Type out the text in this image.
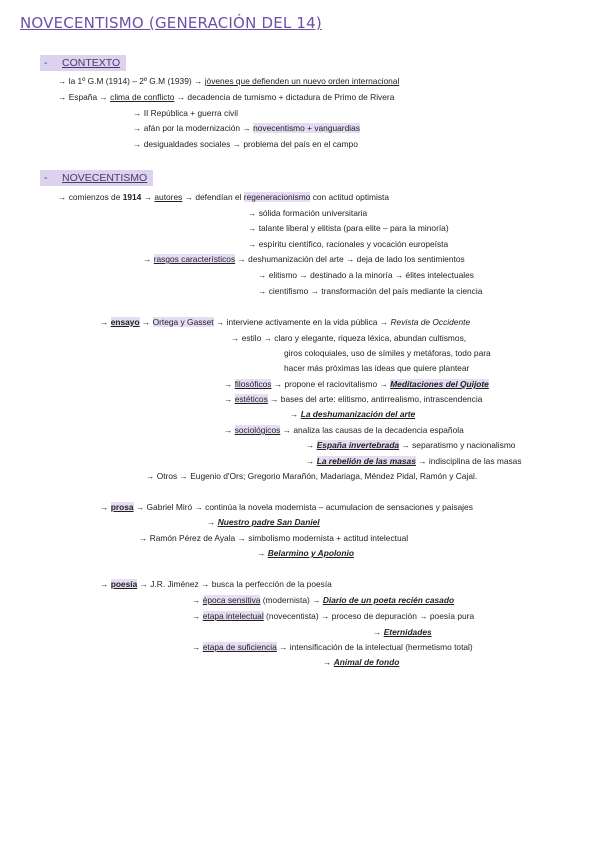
NOVECENTISMO (GENERACIÓN DEL 14)
- CONTEXTO
→ la 1º G.M (1914) – 2º G.M (1939) → jóvenes que defienden un nuevo orden internacional
→ España → clima de conflicto → decadencia de turnismo + dictadura de Primo de Rivera
→ II República + guerra civil
→ afán por la modernización → novecentismo + vanguardias
→ desigualdades sociales → problema del país en el campo
- NOVECENTISMO
→ comienzos de 1914 → autores → defendían el regeneracionismo con actitud optimista
→ sólida formación universitaria
→ talante liberal y elitista (para elite – para la minoría)
→ espíritu científico, racionales y vocación europeísta
→ rasgos característicos → deshumanización del arte → deja de lado los sentimientos
→ elitismo → destinado a la minoría → élites intelectuales
→ cientifismo → transformación del país mediante la ciencia
→ ensayo → Ortega y Gasset → interviene activamente en la vida pública → Revista de Occidente
→ estilo → claro y elegante, riqueza léxica, abundan cultismos,
giros coloquiales, uso de símiles y metáforas, todo para
hacer más próximas las ideas que quiere plantear
→ filosóficos → propone el raciovitalismo → Meditaciones del Quijote
→ estéticos → bases del arte: elitismo, antirrealismo, intrascendencia
→ La deshumanización del arte
→ sociológicos → analiza las causas de la decadencia española
→ España invertebrada → separatismo y nacionalismo
→ La rebelión de las masas → indisciplina de las masas
→ Otros → Eugenio d'Ors; Gregorio Marañón, Madariaga, Méndez Pidal, Ramón y Cajal.
→ prosa → Gabriel Miró → continúa la novela modernista – acumulacion de sensaciones y paisajes
→ Nuestro padre San Daniel
→ Ramón Pérez de Ayala → simbolismo modernista + actitud intelectual
→ Belarmino y Apolonio
→ poesía → J.R. Jiménez → busca la perfección de la poesía
→ época sensitiva (modernista) → Diario de un poeta recién casado
→ etapa intelectual (novecentista) → proceso de depuración → poesía pura
→ Eternidades
→ etapa de suficiencia → intensificación de la intelectual (hermetismo total)
→ Animal de fondo
